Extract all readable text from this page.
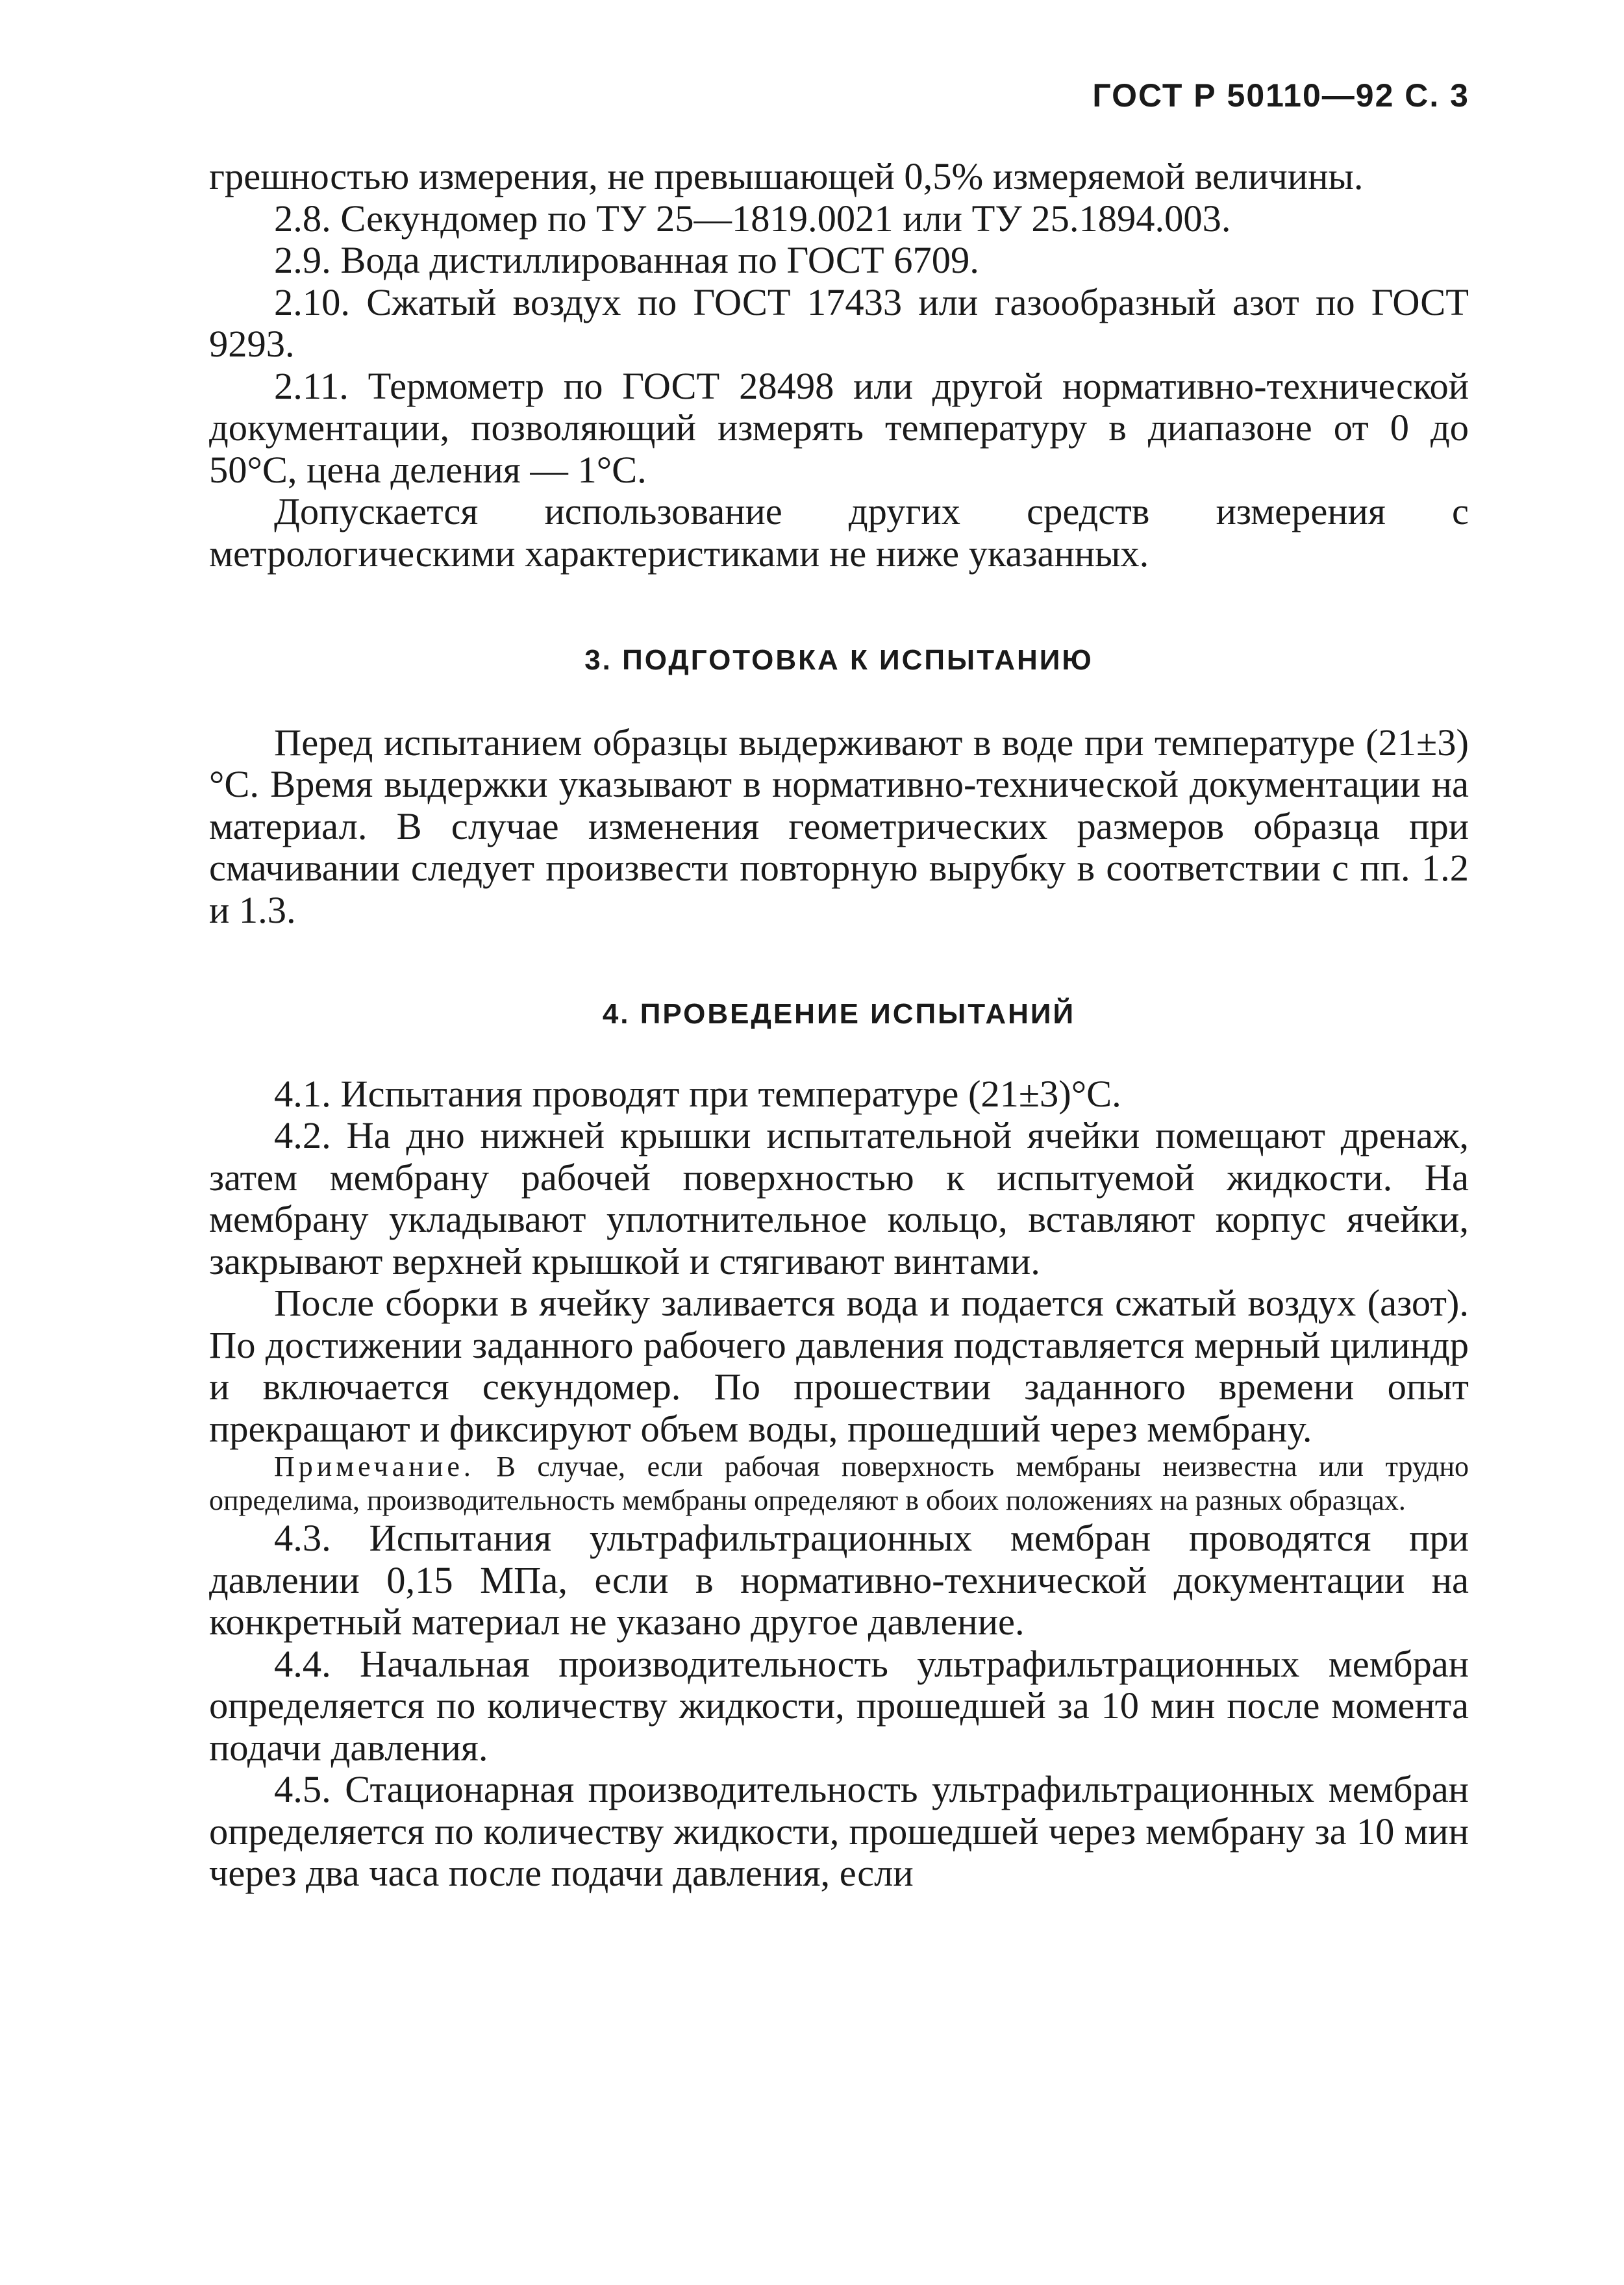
ГОСТ Р 50110—92 С. 3

грешностью измерения, не превышающей 0,5% измеряемой величины.

2.8. Секундомер по ТУ 25—1819.0021 или ТУ 25.1894.003.

2.9. Вода дистиллированная по ГОСТ 6709.

2.10. Сжатый воздух по ГОСТ 17433 или газообразный азот по ГОСТ 9293.

2.11. Термометр по ГОСТ 28498 или другой нормативно-технической документации, позволяющий измерять температуру в диапазоне от 0 до 50°С, цена деления — 1°С.

Допускается использование других средств измерения с метрологическими характеристиками не ниже указанных.

3. ПОДГОТОВКА К ИСПЫТАНИЮ

Перед испытанием образцы выдерживают в воде при температуре (21±3)°С. Время выдержки указывают в нормативно-технической документации на материал. В случае изменения геометрических размеров образца при смачивании следует произвести повторную вырубку в соответствии с пп. 1.2 и 1.3.

4. ПРОВЕДЕНИЕ ИСПЫТАНИЙ

4.1. Испытания проводят при температуре (21±3)°С.

4.2. На дно нижней крышки испытательной ячейки помещают дренаж, затем мембрану рабочей поверхностью к испытуемой жидкости. На мембрану укладывают уплотнительное кольцо, вставляют корпус ячейки, закрывают верхней крышкой и стягивают винтами.

После сборки в ячейку заливается вода и подается сжатый воздух (азот). По достижении заданного рабочего давления подставляется мерный цилиндр и включается секундомер. По прошествии заданного времени опыт прекращают и фиксируют объем воды, прошедший через мембрану.

Примечание. В случае, если рабочая поверхность мембраны неизвестна или трудно определима, производительность мембраны определяют в обоих положениях на разных образцах.

4.3. Испытания ультрафильтрационных мембран проводятся при давлении 0,15 МПа, если в нормативно-технической документации на конкретный материал не указано другое давление.

4.4. Начальная производительность ультрафильтрационных мембран определяется по количеству жидкости, прошедшей за 10 мин после момента подачи давления.

4.5. Стационарная производительность ультрафильтрационных мембран определяется по количеству жидкости, прошедшей через мембрану за 10 мин через два часа после подачи давления, если
